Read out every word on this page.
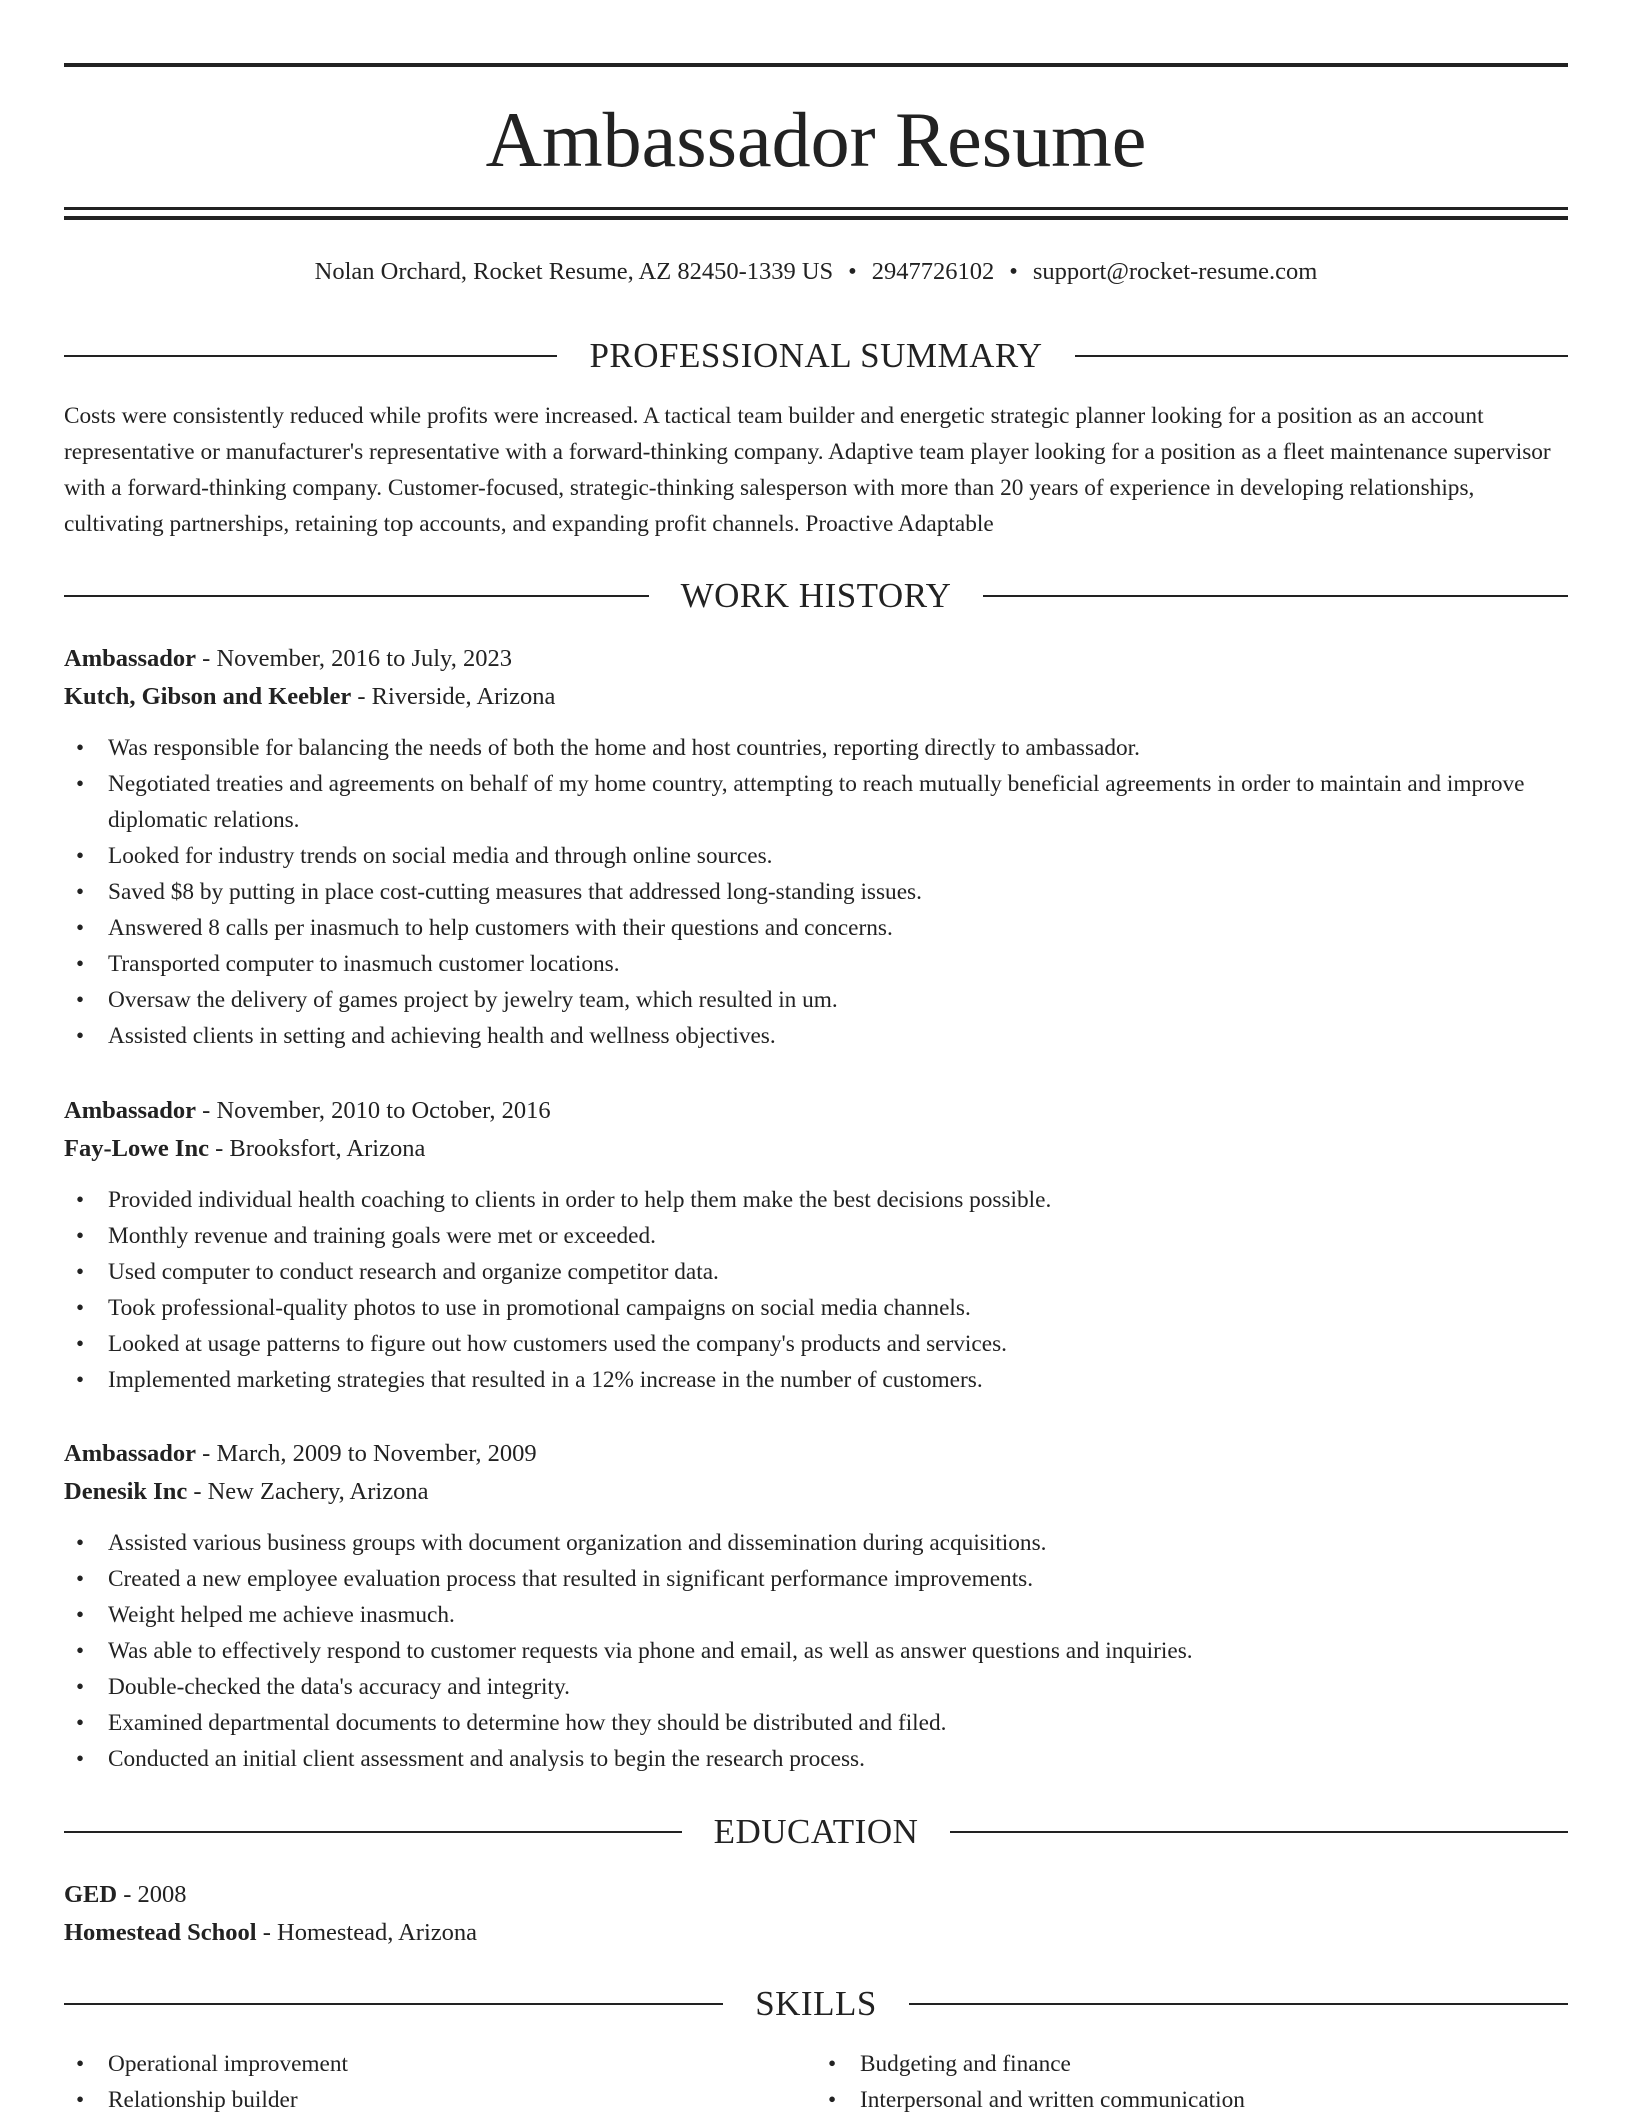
Ambassador Resume
Nolan Orchard, Rocket Resume, AZ 82450-1339 US • 2947726102 • support@rocket-resume.com
PROFESSIONAL SUMMARY

Costs were consistently reduced while profits were increased. A tactical team builder and energetic strategic planner looking for a position as an account representative or manufacturer's representative with a forward-thinking company. Adaptive team player looking for a position as a fleet maintenance supervisor with a forward-thinking company. Customer-focused, strategic-thinking salesperson with more than 20 years of experience in developing relationships, cultivating partnerships, retaining top accounts, and expanding profit channels. Proactive Adaptable

WORK HISTORY
Ambassador - November, 2016 to July, 2023
Kutch, Gibson and Keebler - Riverside, Arizona
• Was responsible for balancing the needs of both the home and host countries, reporting directly to ambassador.
• Negotiated treaties and agreements on behalf of my home country, attempting to reach mutually beneficial agreements in order to maintain and improve diplomatic relations.
• Looked for industry trends on social media and through online sources.
• Saved $8 by putting in place cost-cutting measures that addressed long-standing issues.
• Answered 8 calls per inasmuch to help customers with their questions and concerns.
• Transported computer to inasmuch customer locations.
• Oversaw the delivery of games project by jewelry team, which resulted in um.
• Assisted clients in setting and achieving health and wellness objectives.
Ambassador - November, 2010 to October, 2016
Fay-Lowe Inc - Brooksfort, Arizona
• Provided individual health coaching to clients in order to help them make the best decisions possible.
• Monthly revenue and training goals were met or exceeded.
• Used computer to conduct research and organize competitor data.
• Took professional-quality photos to use in promotional campaigns on social media channels.
• Looked at usage patterns to figure out how customers used the company's products and services.
• Implemented marketing strategies that resulted in a 12% increase in the number of customers.
Ambassador - March, 2009 to November, 2009
Denesik Inc - New Zachery, Arizona
• Assisted various business groups with document organization and dissemination during acquisitions.
• Created a new employee evaluation process that resulted in significant performance improvements.
• Weight helped me achieve inasmuch.
• Was able to effectively respond to customer requests via phone and email, as well as answer questions and inquiries.
• Double-checked the data's accuracy and integrity.
• Examined departmental documents to determine how they should be distributed and filed.
• Conducted an initial client assessment and analysis to begin the research process.
EDUCATION
GED - 2008
Homestead School - Homestead, Arizona
SKILLS
• Operational improvement
• Relationship builder
• Budgeting and finance
• Interpersonal and written communication
